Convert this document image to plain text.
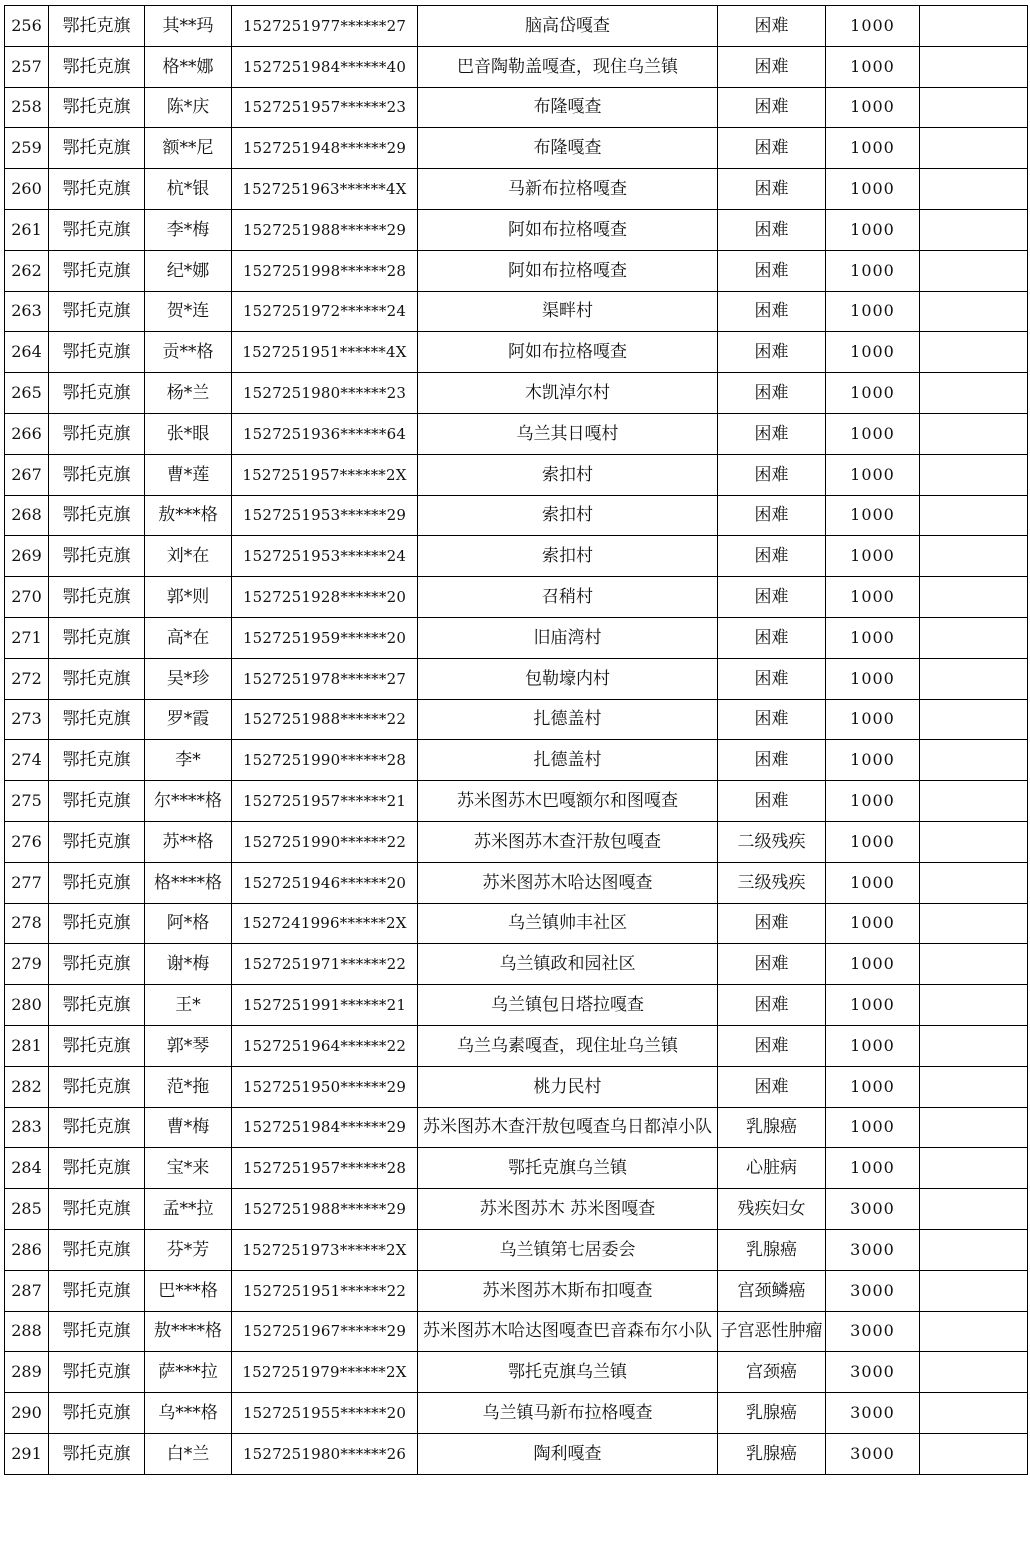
256	鄂托克旗	其**玛	1527251977******27	脑高岱嘎查	困难	1000	
257	鄂托克旗	格**娜	1527251984******40	巴音陶勒盖嘎查，现住乌兰镇	困难	1000	
258	鄂托克旗	陈*庆	1527251957******23	布隆嘎查	困难	1000	
259	鄂托克旗	额**尼	1527251948******29	布隆嘎查	困难	1000	
260	鄂托克旗	杭*银	1527251963******4X	马新布拉格嘎查	困难	1000	
261	鄂托克旗	李*梅	1527251988******29	阿如布拉格嘎查	困难	1000	
262	鄂托克旗	纪*娜	1527251998******28	阿如布拉格嘎查	困难	1000	
263	鄂托克旗	贺*连	1527251972******24	渠畔村	困难	1000	
264	鄂托克旗	贡**格	1527251951******4X	阿如布拉格嘎查	困难	1000	
265	鄂托克旗	杨*兰	1527251980******23	木凯淖尔村	困难	1000	
266	鄂托克旗	张*眼	1527251936******64	乌兰其日嘎村	困难	1000	
267	鄂托克旗	曹*莲	1527251957******2X	索扣村	困难	1000	
268	鄂托克旗	敖***格	1527251953******29	索扣村	困难	1000	
269	鄂托克旗	刘*在	1527251953******24	索扣村	困难	1000	
270	鄂托克旗	郭*则	1527251928******20	召稍村	困难	1000	
271	鄂托克旗	高*在	1527251959******20	旧庙湾村	困难	1000	
272	鄂托克旗	吴*珍	1527251978******27	包勒壕内村	困难	1000	
273	鄂托克旗	罗*霞	1527251988******22	扎德盖村	困难	1000	
274	鄂托克旗	李*	1527251990******28	扎德盖村	困难	1000	
275	鄂托克旗	尔****格	1527251957******21	苏米图苏木巴嘎额尔和图嘎查	困难	1000	
276	鄂托克旗	苏**格	1527251990******22	苏米图苏木查汗敖包嘎查	二级残疾	1000	
277	鄂托克旗	格****格	1527251946******20	苏米图苏木哈达图嘎查	三级残疾	1000	
278	鄂托克旗	阿*格	1527241996******2X	乌兰镇帅丰社区	困难	1000	
279	鄂托克旗	谢*梅	1527251971******22	乌兰镇政和园社区	困难	1000	
280	鄂托克旗	王*	1527251991******21	乌兰镇包日塔拉嘎查	困难	1000	
281	鄂托克旗	郭*琴	1527251964******22	乌兰乌素嘎查，现住址乌兰镇	困难	1000	
282	鄂托克旗	范*拖	1527251950******29	桃力民村	困难	1000	
283	鄂托克旗	曹*梅	1527251984******29	苏米图苏木查汗敖包嘎查乌日都淖小队	乳腺癌	1000	
284	鄂托克旗	宝*来	1527251957******28	鄂托克旗乌兰镇	心脏病	1000	
285	鄂托克旗	孟**拉	1527251988******29	苏米图苏木 苏米图嘎查	残疾妇女	3000	
286	鄂托克旗	芬*芳	1527251973******2X	乌兰镇第七居委会	乳腺癌	3000	
287	鄂托克旗	巴***格	1527251951******22	苏米图苏木斯布扣嘎查	宫颈鳞癌	3000	
288	鄂托克旗	敖****格	1527251967******29	苏米图苏木哈达图嘎查巴音森布尔小队	子宫恶性肿瘤	3000	
289	鄂托克旗	萨***拉	1527251979******2X	鄂托克旗乌兰镇	宫颈癌	3000	
290	鄂托克旗	乌***格	1527251955******20	乌兰镇马新布拉格嘎查	乳腺癌	3000	
291	鄂托克旗	白*兰	1527251980******26	陶利嘎查	乳腺癌	3000	
